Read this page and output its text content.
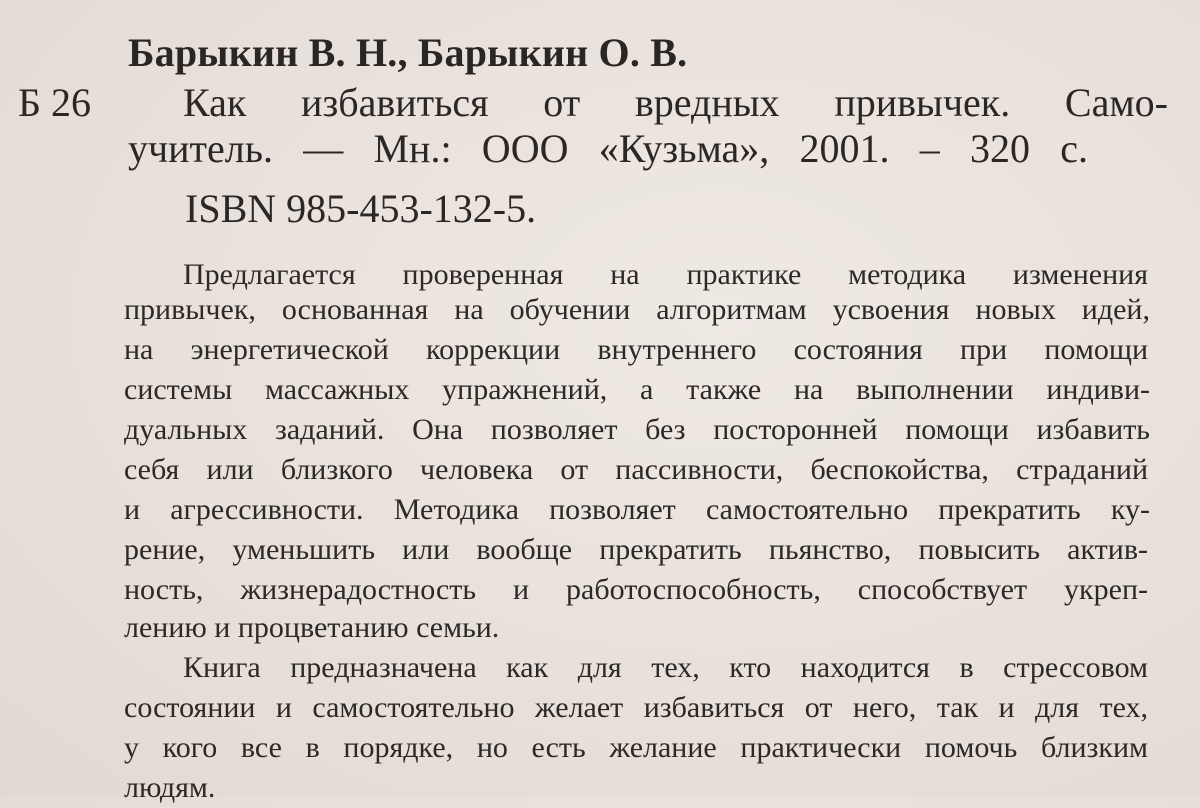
Б 26
Барыкин В. Н., Барыкин О. В.
Как избавиться от вредных привычек. Само-
учитель. — Мн.: ООО «Кузьма», 2001. – 320 с.
ISBN 985-453-132-5.
Предлагается проверенная на практике методика изменения
привычек, основанная на обучении алгоритмам усвоения новых идей,
на энергетической коррекции внутреннего состояния при помощи
системы массажных упражнений, а также на выполнении индиви-
дуальных заданий. Она позволяет без посторонней помощи избавить
себя или близкого человека от пассивности, беспокойства, страданий
и агрессивности. Методика позволяет самостоятельно прекратить ку-
рение, уменьшить или вообще прекратить пьянство, повысить актив-
ность, жизнерадостность и работоспособность, способствует укреп-
лению и процветанию семьи.
Книга предназначена как для тех, кто находится в стрессовом
состоянии и самостоятельно желает избавиться от него, так и для тех,
у кого все в порядке, но есть желание практически помочь близким
людям.
